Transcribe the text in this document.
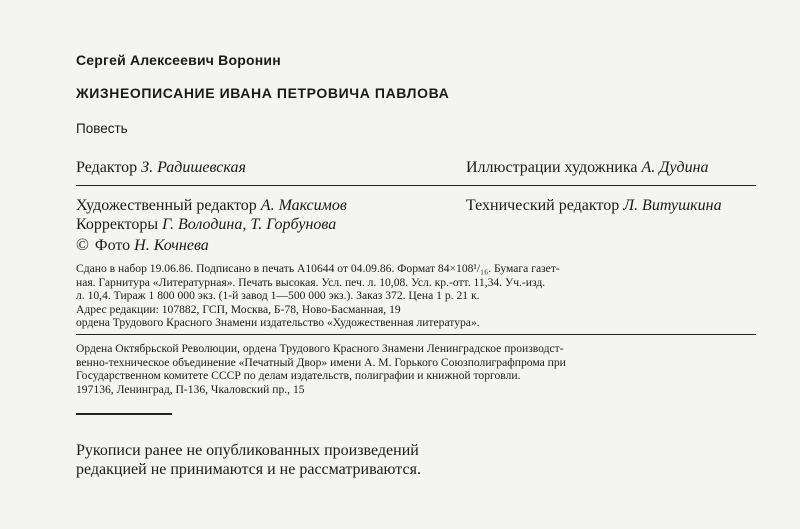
Сергей Алексеевич Воронин
ЖИЗНЕОПИСАНИЕ ИВАНА ПЕТРОВИЧА ПАВЛОВА
Повесть
Редактор З. Радишевская	Иллюстрации художника А. Дудина
Художественный редактор А. Максимов	Технический редактор Л. Витушкина
Корректоры Г. Володина, Т. Горбунова
© Фото Н. Кочнева

Сдано в набор 19.06.86. Подписано в печать А10644 от 04.09.86. Формат 84×108¹/₁₆. Бумага газет-

ная. Гарнитура «Литературная». Печать высокая. Усл. печ. л. 10,08. Усл. кр.-отт. 11,34. Уч.-изд.

л. 10,4. Тираж 1 800 000 экз. (1-й завод 1—500 000 экз.). Заказ 372. Цена 1 р. 21 к.

Адрес редакции: 107882, ГСП, Москва, Б-78, Ново-Басманная, 19

ордена Трудового Красного Знамени издательство «Художественная литература».

Ордена Октябрьской Революции, ордена Трудового Красного Знамени Ленинградское производст-

венно-техническое объединение «Печатный Двор» имени А. М. Горького Союзполиграфпрома при

Государственном комитете СССР по делам издательств, полиграфии и книжной торговли.

197136, Ленинград, П-136, Чкаловский пр., 15

Рукописи ранее не опубликованных произведений

редакцией не принимаются и не рассматриваются.
